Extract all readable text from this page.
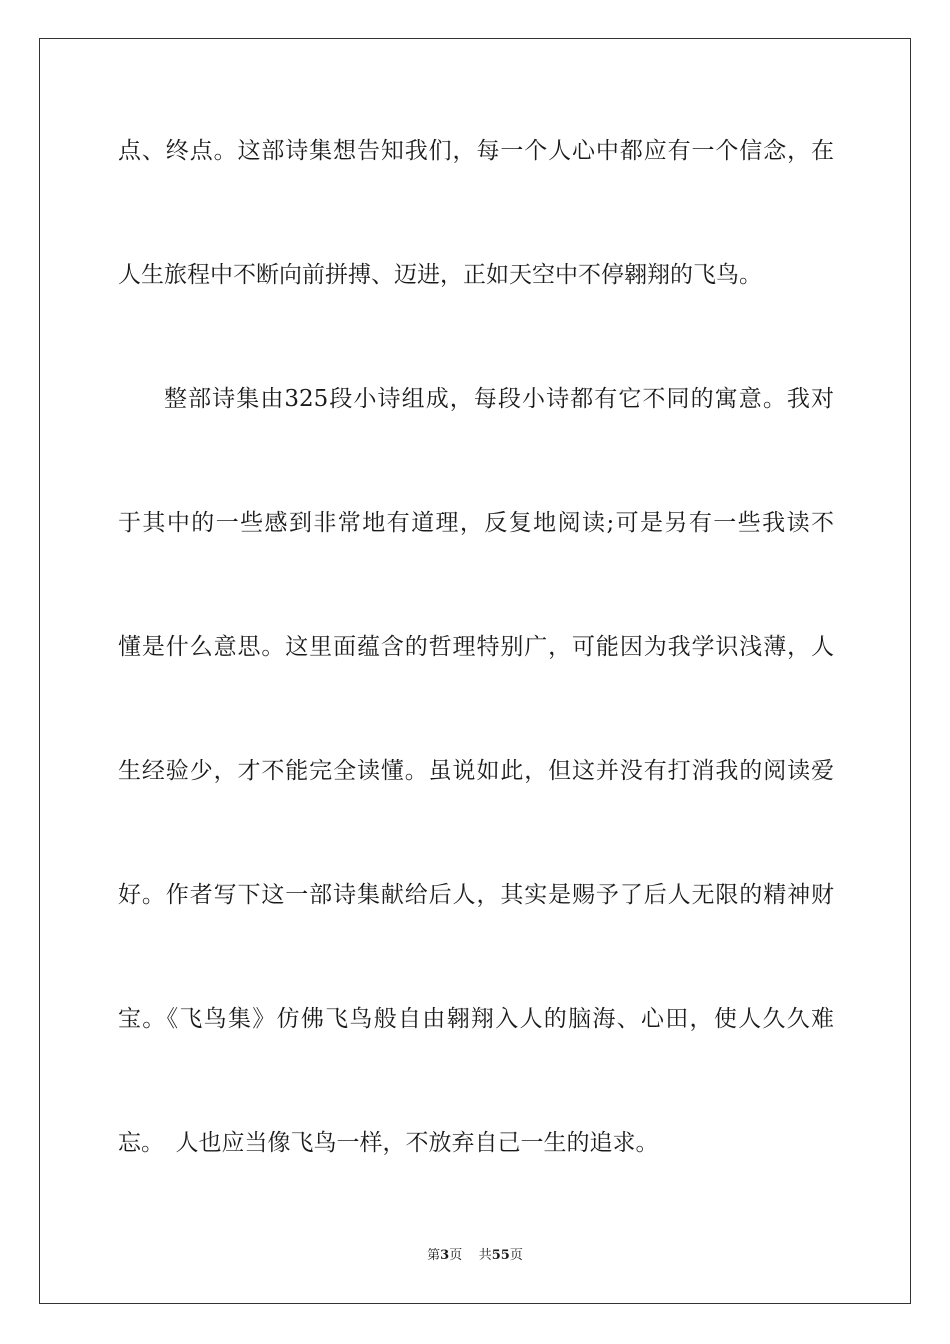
点、终点。这部诗集想告知我们，每一个人心中都应有一个信念，在
人生旅程中不断向前拼搏、迈进，正如天空中不停翱翔的飞鸟。
整部诗集由325段小诗组成，每段小诗都有它不同的寓意。我对
于其中的一些感到非常地有道理，反复地阅读;可是另有一些我读不
懂是什么意思。这里面蕴含的哲理特别广，可能因为我学识浅薄，人
生经验少，才不能完全读懂。虽说如此，但这并没有打消我的阅读爱
好。作者写下这一部诗集献给后人，其实是赐予了后人无限的精神财
宝。《飞鸟集》仿佛飞鸟般自由翱翔入人的脑海、心田，使人久久难
忘。　人也应当像飞鸟一样，不放弃自己一生的追求。
第3页 共55页
